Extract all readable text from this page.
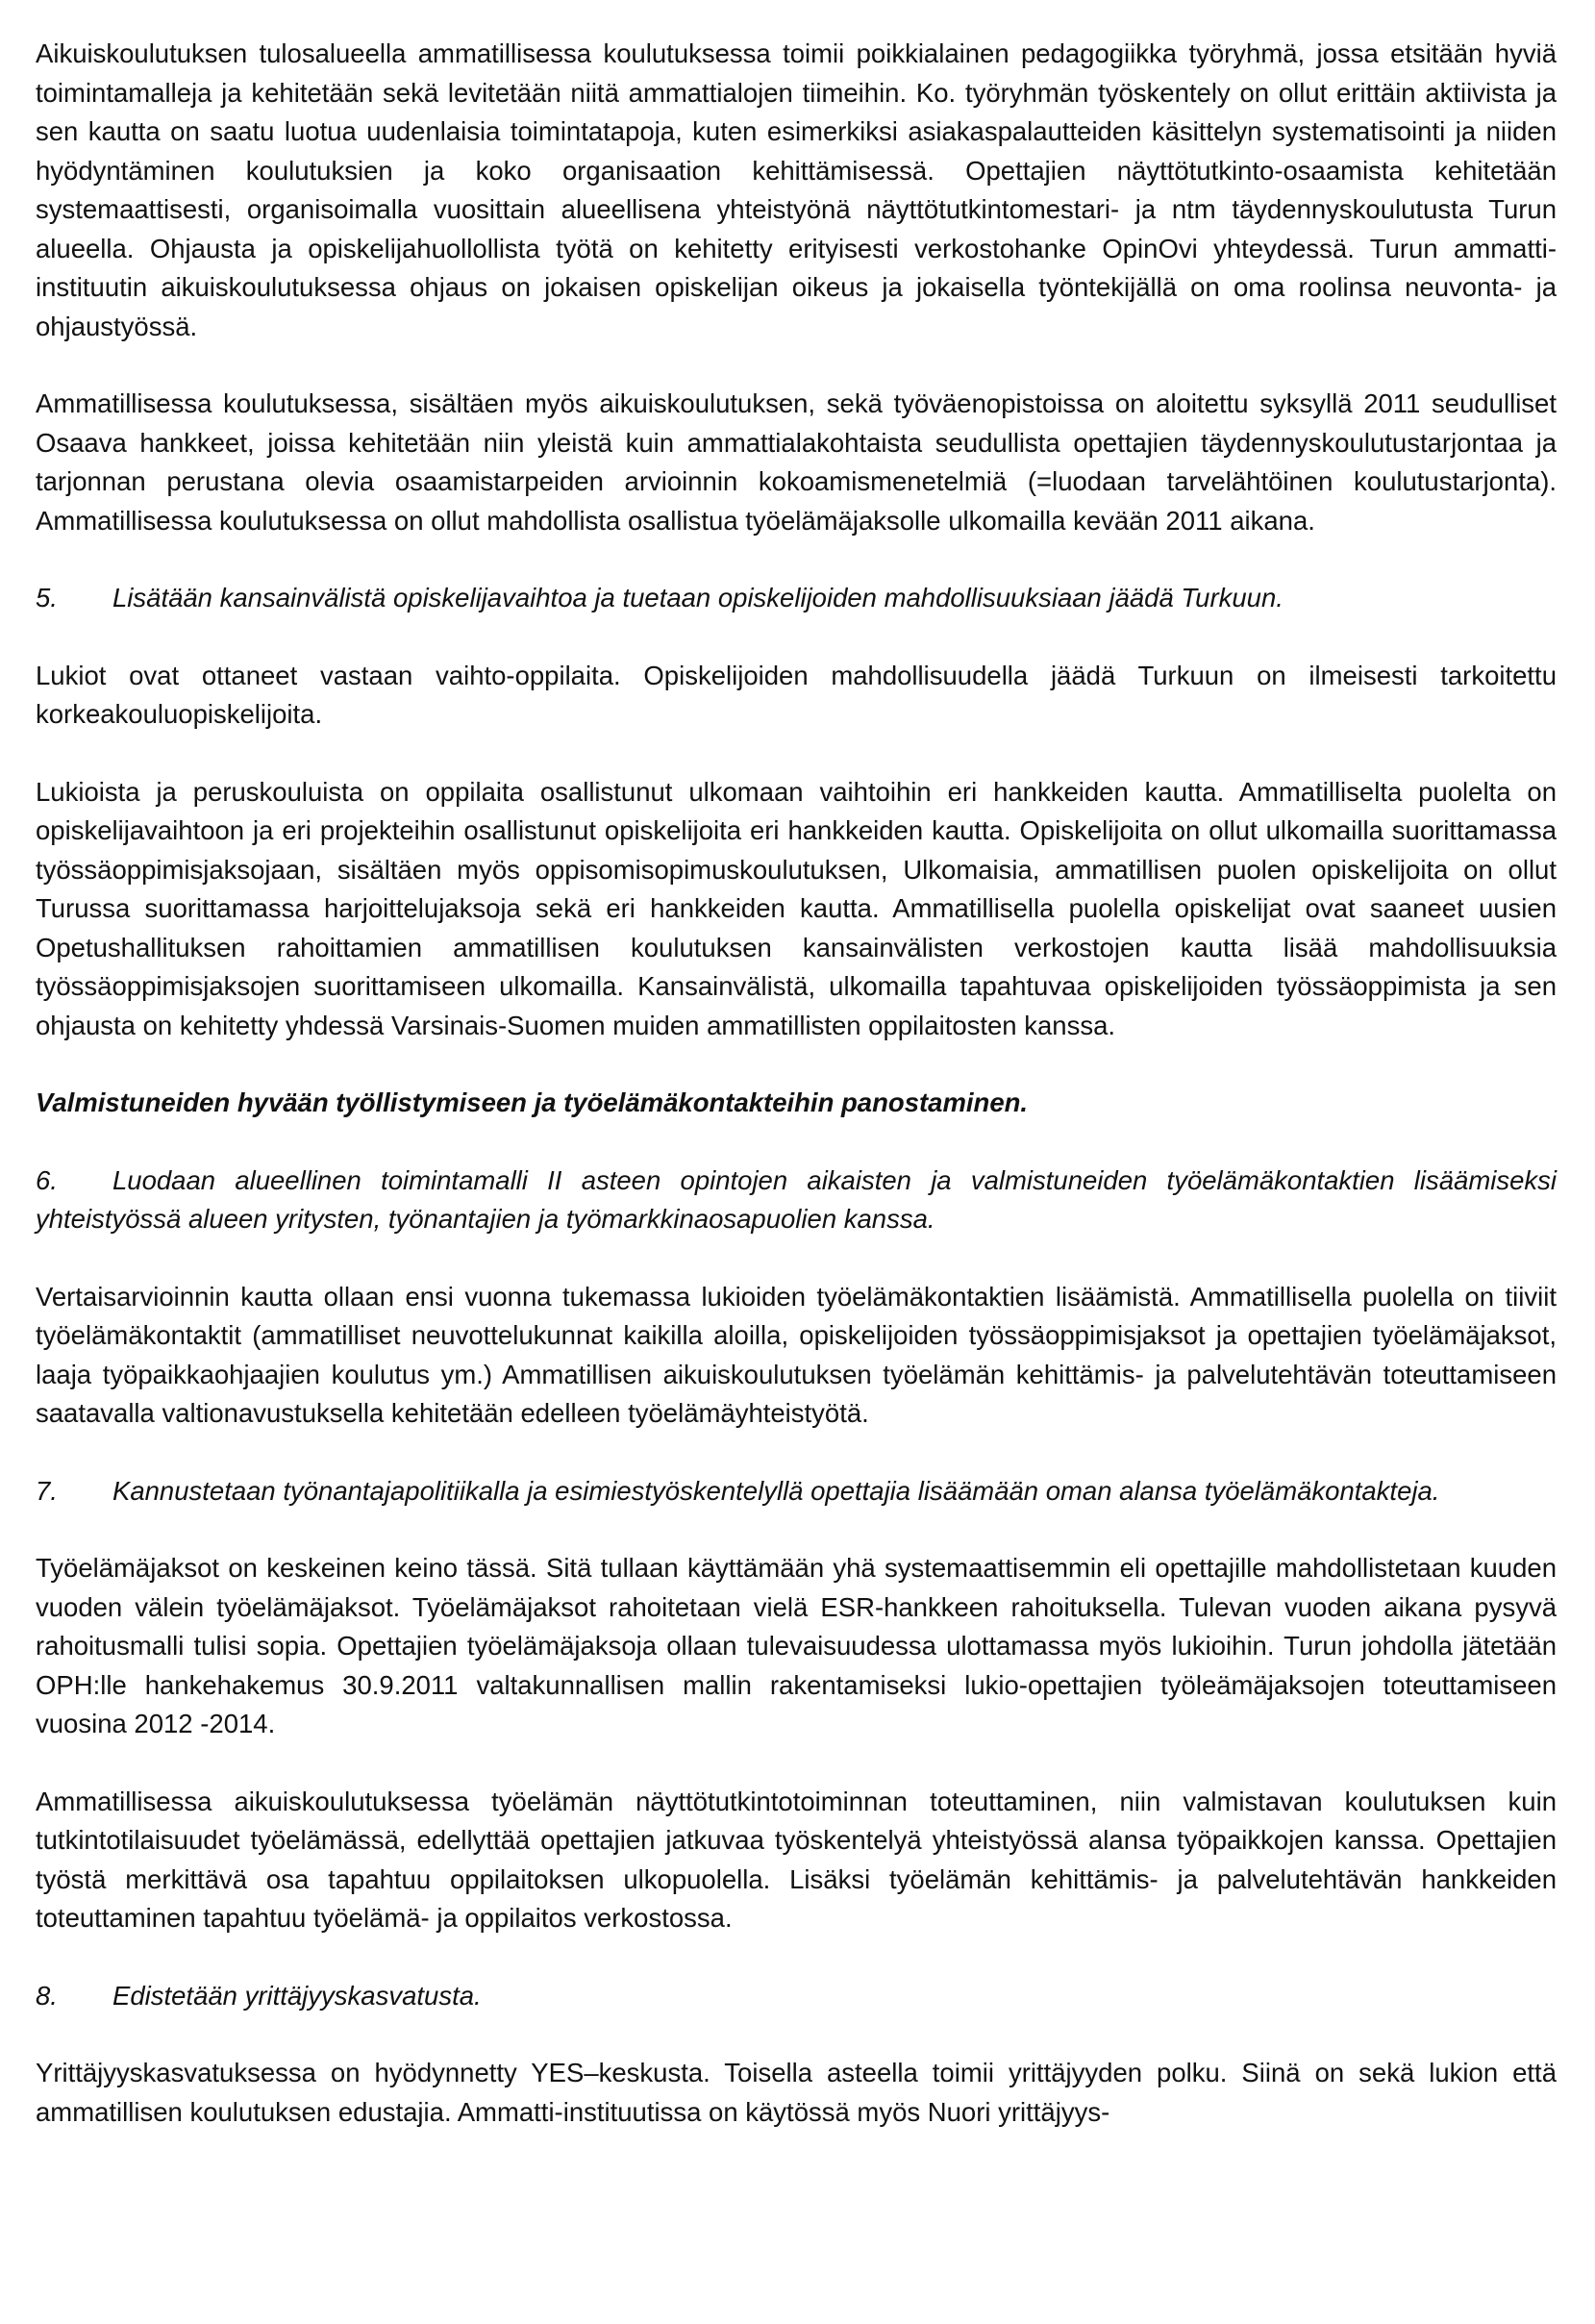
Aikuiskoulutuksen tulosalueella ammatillisessa koulutuksessa toimii poikkialainen pedagogiikka työryhmä, jossa etsitään hyviä toimintamalleja ja kehitetään sekä levitetään niitä ammattialojen tiimeihin. Ko. työryhmän työskentely on ollut erittäin aktiivista ja sen kautta on saatu luotua uudenlaisia toimintatapoja, kuten esimerkiksi asiakaspalautteiden käsittelyn systematisointi ja niiden hyödyntäminen koulutuksien ja koko organisaation kehittämisessä. Opettajien näyttötutkinto-osaamista kehitetään systemaattisesti, organisoimalla vuosittain alueellisena yhteistyönä näyttötutkintomestari- ja ntm täydennyskoulutusta Turun alueella. Ohjausta ja opiskelijahuollollista työtä on kehitetty erityisesti verkostohanke OpinOvi yhteydessä. Turun ammatti-instituutin aikuiskoulutuksessa ohjaus on jokaisen opiskelijan oikeus ja jokaisella työntekijällä on oma roolinsa neuvonta- ja ohjaustyössä.

Ammatillisessa koulutuksessa, sisältäen myös aikuiskoulutuksen, sekä työväenopistoissa on aloitettu syksyllä 2011 seudulliset Osaava hankkeet, joissa kehitetään niin yleistä kuin ammattialakohtaista seudullista opettajien täydennyskoulutustarjontaa ja tarjonnan perustana olevia osaamistarpeiden arvioinnin kokoamismenetelmiä (=luodaan tarvelähtöinen koulutustarjonta). Ammatillisessa koulutuksessa on ollut mahdollista osallistua työelämäjaksolle ulkomailla kevään 2011 aikana.

5. Lisätään kansainvälistä opiskelijavaihtoa ja tuetaan opiskelijoiden mahdollisuuksiaan jäädä Turkuun.

Lukiot ovat ottaneet vastaan vaihto-oppilaita. Opiskelijoiden mahdollisuudella jäädä Turkuun on ilmeisesti tarkoitettu korkeakouluopiskelijoita.

Lukioista ja peruskouluista on oppilaita osallistunut ulkomaan vaihtoihin eri hankkeiden kautta. Ammatilliselta puolelta on opiskelijavaihtoon ja eri projekteihin osallistunut opiskelijoita eri hankkeiden kautta. Opiskelijoita on ollut ulkomailla suorittamassa työssäoppimisjaksojaan, sisältäen myös oppisomisopimuskoulutuksen, Ulkomaisia, ammatillisen puolen opiskelijoita on ollut Turussa suorittamassa harjoittelujaksoja sekä eri hankkeiden kautta. Ammatillisella puolella opiskelijat ovat saaneet uusien Opetushallituksen rahoittamien ammatillisen koulutuksen kansainvälisten verkostojen kautta lisää mahdollisuuksia työssäoppimisjaksojen suorittamiseen ulkomailla. Kansainvälistä, ulkomailla tapahtuvaa opiskelijoiden työssäoppimista ja sen ohjausta on kehitetty yhdessä Varsinais-Suomen muiden ammatillisten oppilaitosten kanssa.

Valmistuneiden hyvään työllistymiseen ja työelämäkontakteihin panostaminen.

6. Luodaan alueellinen toimintamalli II asteen opintojen aikaisten ja valmistuneiden työelämäkontaktien lisäämiseksi yhteistyössä alueen yritysten, työnantajien ja työmarkkinaosapuolien kanssa.

Vertaisarvioinnin kautta ollaan ensi vuonna tukemassa lukioiden työelämäkontaktien lisäämistä. Ammatillisella puolella on tiiviit työelämäkontaktit (ammatilliset neuvottelukunnat kaikilla aloilla, opiskelijoiden työssäoppimisjaksot ja opettajien työelämäjaksot, laaja työpaikkaohjaajien koulutus ym.) Ammatillisen aikuiskoulutuksen työelämän kehittämis- ja palvelutehtävän toteuttamiseen saatavalla valtionavustuksella kehitetään edelleen työelämäyhteistyötä.

7. Kannustetaan työnantajapolitiikalla ja esimiestyöskentelyllä opettajia lisäämään oman alansa työelämäkontakteja.

Työelämäjaksot on keskeinen keino tässä. Sitä tullaan käyttämään yhä systemaattisemmin eli opettajille mahdollistetaan kuuden vuoden välein työelämäjaksot. Työelämäjaksot rahoitetaan vielä ESR-hankkeen rahoituksella. Tulevan vuoden aikana pysyvä rahoitusmalli tulisi sopia. Opettajien työelämäjaksoja ollaan tulevaisuudessa ulottamassa myös lukioihin. Turun johdolla jätetään OPH:lle hankehakemus 30.9.2011 valtakunnallisen mallin rakentamiseksi lukio-opettajien työleämäjaksojen toteuttamiseen vuosina 2012 -2014.

Ammatillisessa aikuiskoulutuksessa työelämän näyttötutkintotoiminnan toteuttaminen, niin valmistavan koulutuksen kuin tutkintotilaisuudet työelämässä, edellyttää opettajien jatkuvaa työskentelyä yhteistyössä alansa työpaikkojen kanssa. Opettajien työstä merkittävä osa tapahtuu oppilaitoksen ulkopuolella. Lisäksi työelämän kehittämis- ja palvelutehtävän hankkeiden toteuttaminen tapahtuu työelämä- ja oppilaitos verkostossa.

8. Edistetään yrittäjyyskasvatusta.

Yrittäjyyskasvatuksessa on hyödynnetty YES–keskusta. Toisella asteella toimii yrittäjyyden polku. Siinä on sekä lukion että ammatillisen koulutuksen edustajia. Ammatti-instituutissa on käytössä myös Nuori yrittäjyys-
